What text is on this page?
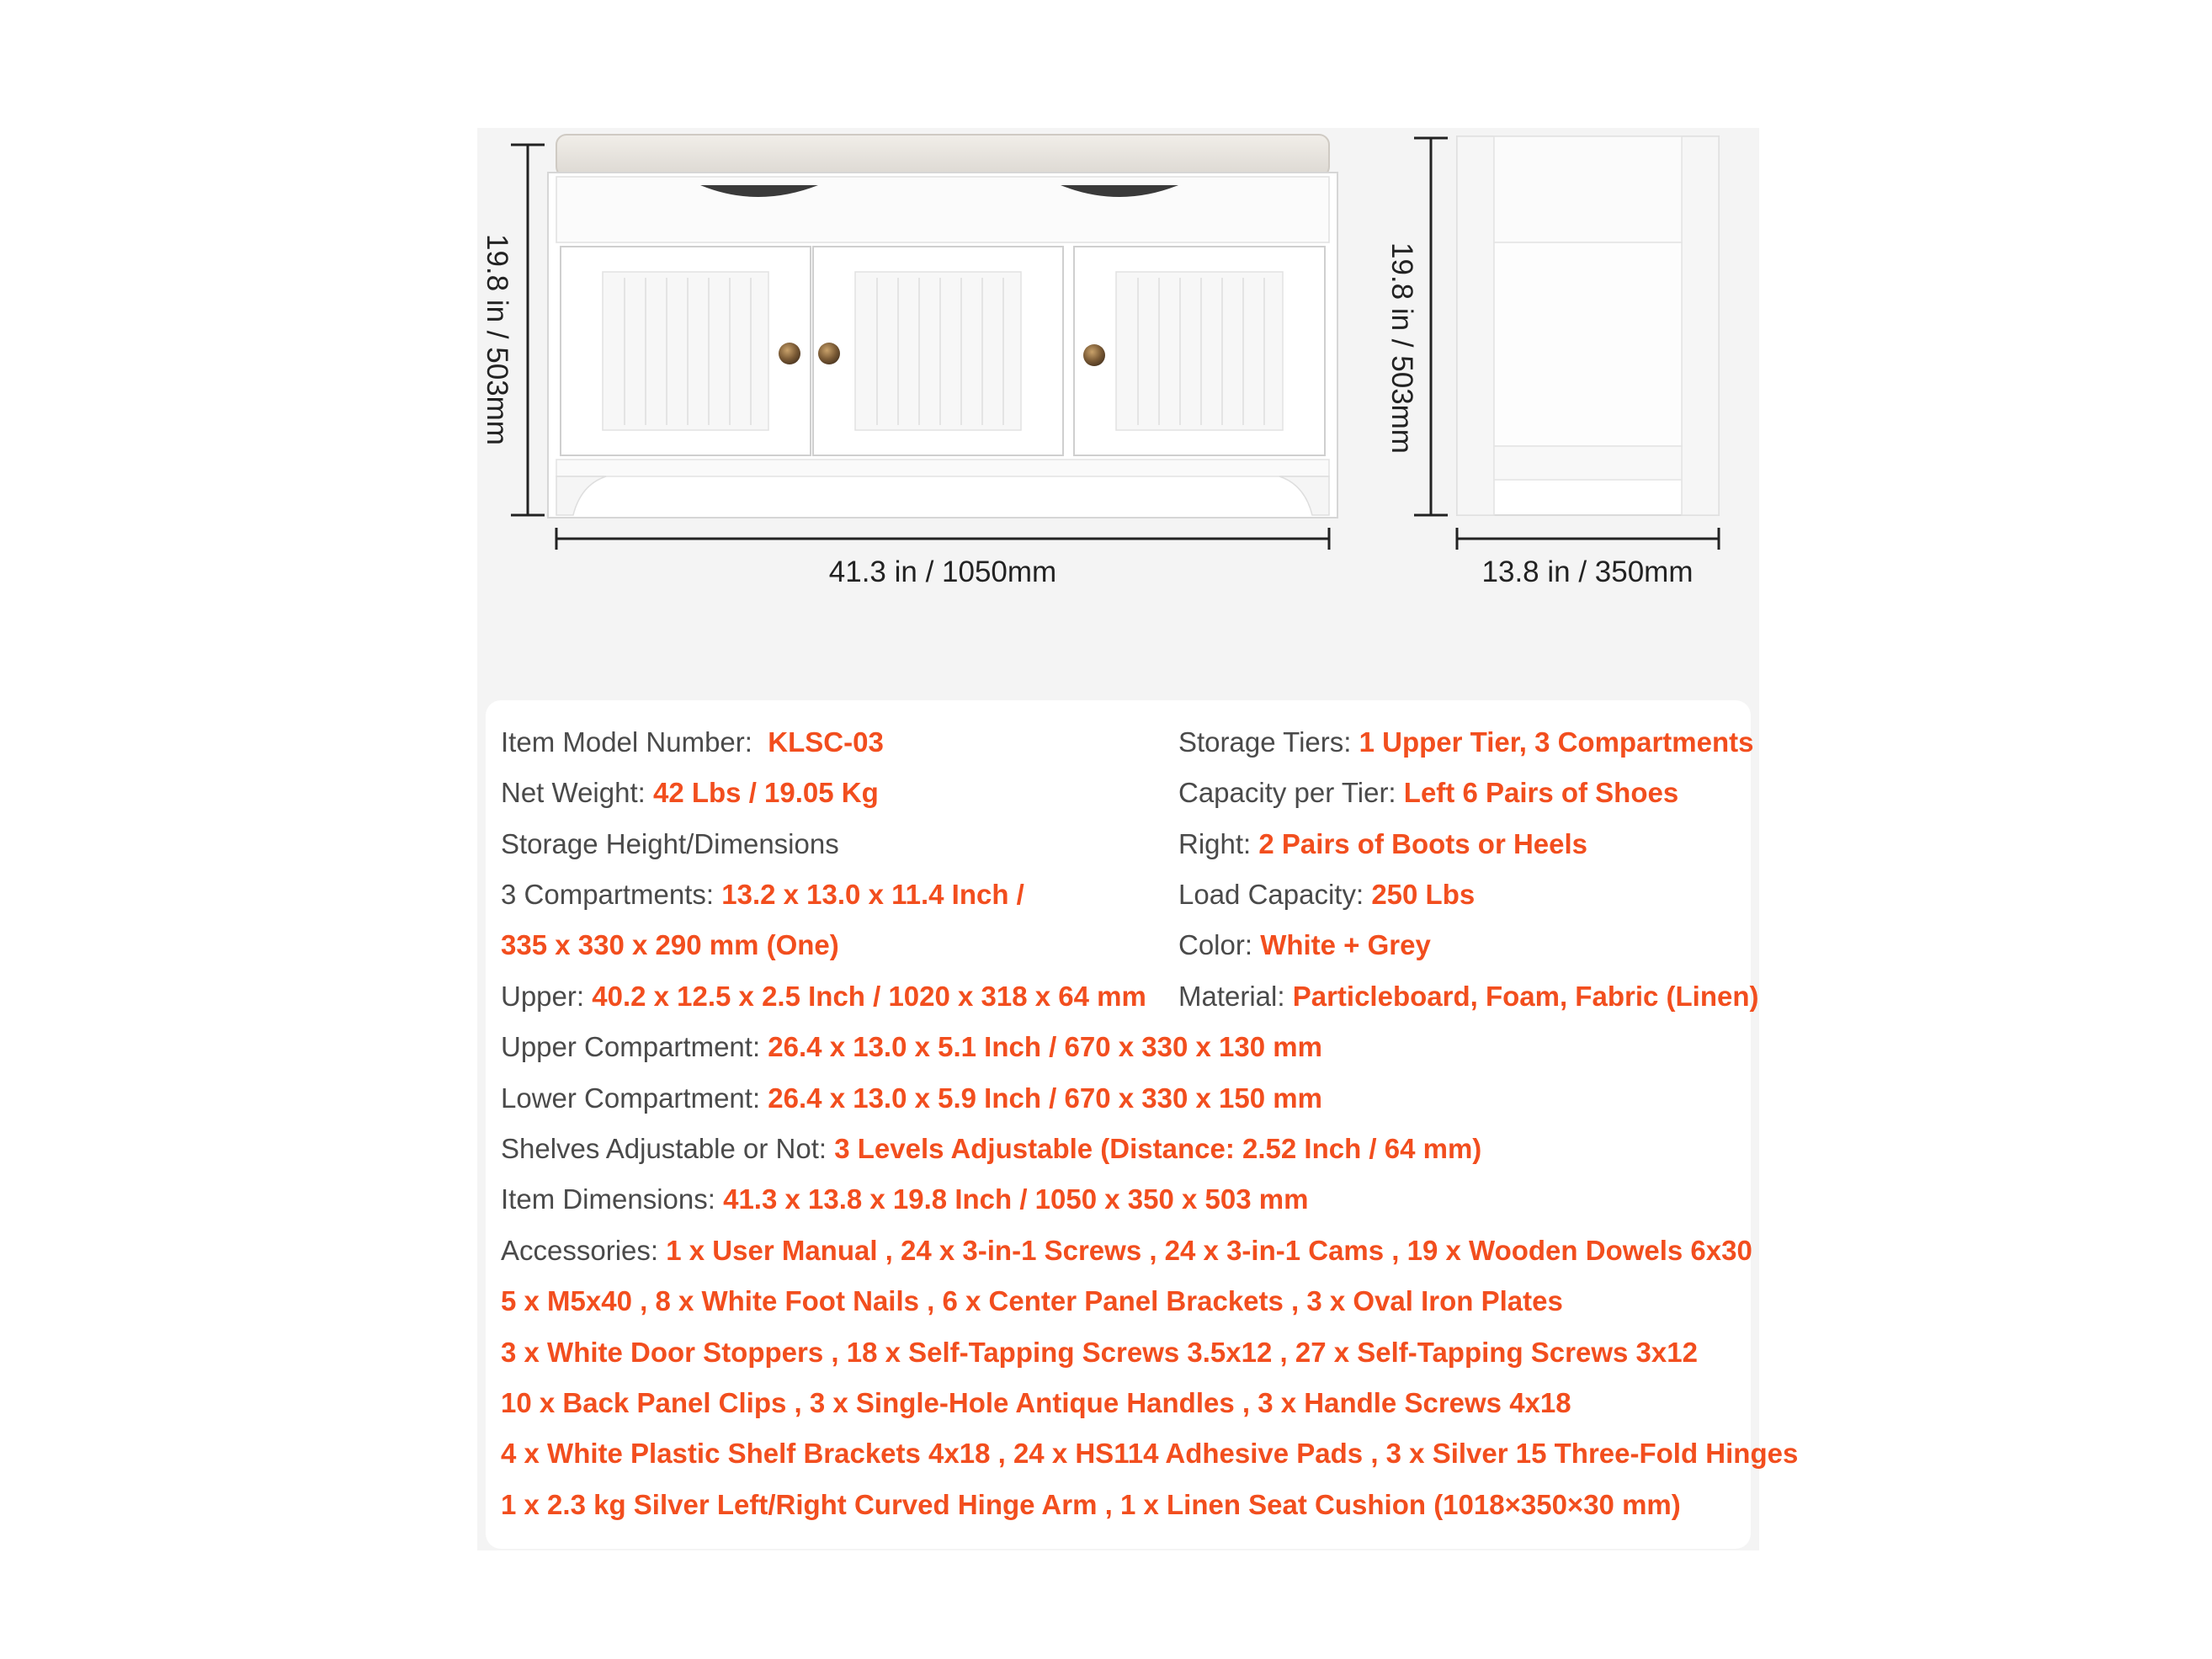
19.8 in / 503mm
41.3 in / 1050mm
19.8 in / 503mm
13.8 in / 350mm
Item Model Number: KLSC-03
Net Weight: 42 Lbs / 19.05 Kg
Storage Height/Dimensions
3 Compartments: 13.2 x 13.0 x 11.4 Inch /
335 x 330 x 290 mm (One)
Upper: 40.2 x 12.5 x 2.5 Inch / 1020 x 318 x 64 mm
Upper Compartment: 26.4 x 13.0 x 5.1 Inch / 670 x 330 x 130 mm
Lower Compartment: 26.4 x 13.0 x 5.9 Inch / 670 x 330 x 150 mm
Shelves Adjustable or Not: 3 Levels Adjustable (Distance: 2.52 Inch / 64 mm)
Item Dimensions: 41.3 x 13.8 x 19.8 Inch / 1050 x 350 x 503 mm
Accessories: 1 x User Manual , 24 x 3-in-1 Screws , 24 x 3-in-1 Cams , 19 x Wooden Dowels 6x30
5 x M5x40 , 8 x White Foot Nails , 6 x Center Panel Brackets , 3 x Oval Iron Plates
3 x White Door Stoppers , 18 x Self-Tapping Screws 3.5x12 , 27 x Self-Tapping Screws 3x12
10 x Back Panel Clips , 3 x Single-Hole Antique Handles , 3 x Handle Screws 4x18
4 x White Plastic Shelf Brackets 4x18 , 24 x HS114 Adhesive Pads , 3 x Silver 15 Three-Fold Hinges
1 x 2.3 kg Silver Left/Right Curved Hinge Arm , 1 x Linen Seat Cushion (1018×350×30 mm)
Storage Tiers: 1 Upper Tier, 3 Compartments
Capacity per Tier: Left 6 Pairs of Shoes
Right: 2 Pairs of Boots or Heels
Load Capacity: 250 Lbs
Color: White + Grey
Material: Particleboard, Foam, Fabric (Linen)
